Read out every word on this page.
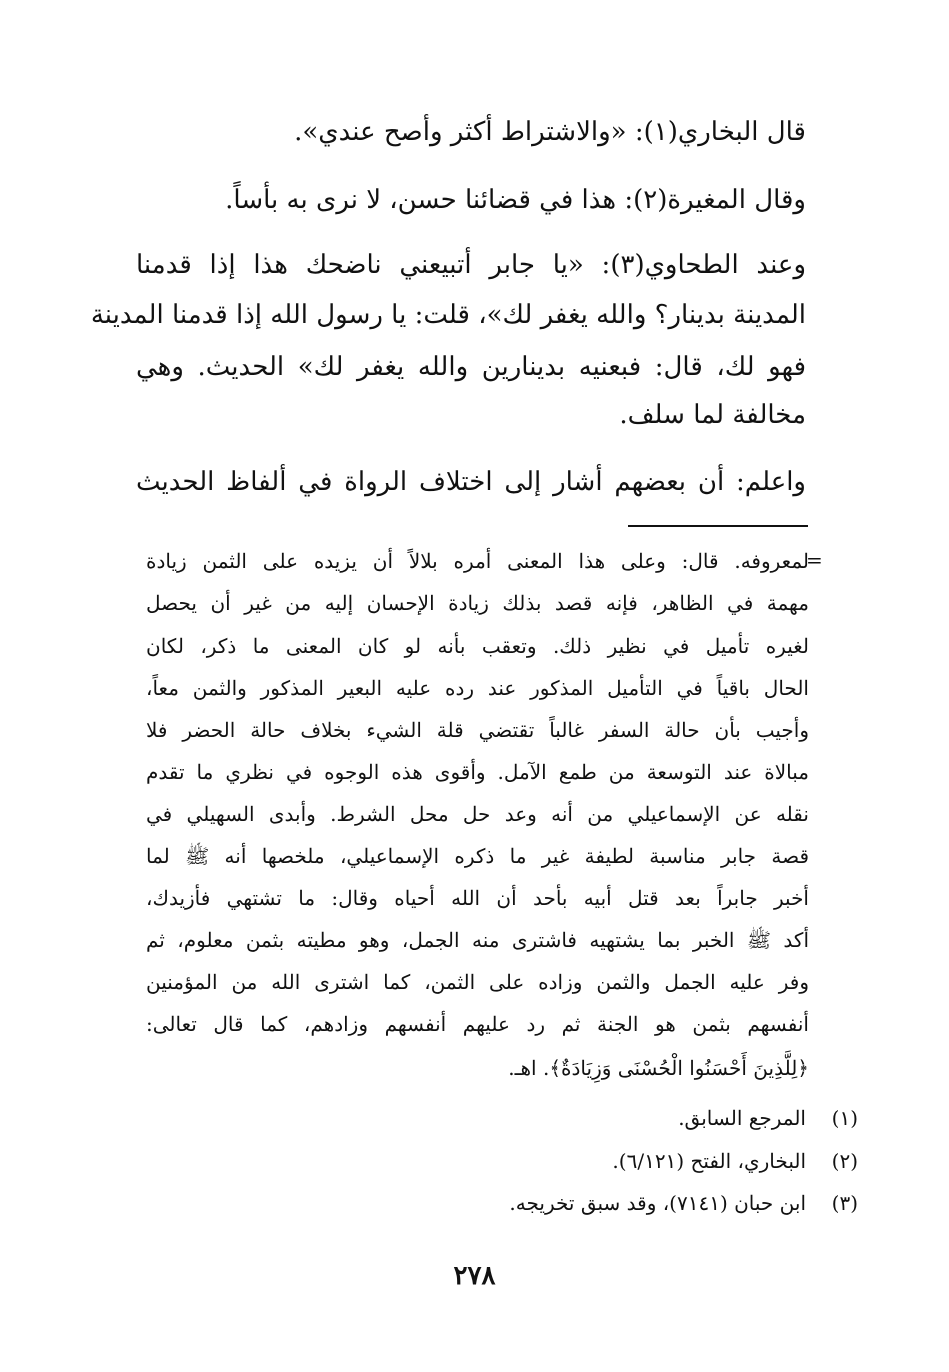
قال البخاري(١): «والاشتراط أكثر وأصح عندي».
وقال المغيرة(٢): هذا في قضائنا حسن، لا نرى به بأساً.
وعند الطحاوي(٣): «يا جابر أتبيعني ناضحك هذا إذا قدمنا
المدينة بدينار؟ والله يغفر لك»، قلت: يا رسول الله إذا قدمنا المدينة
فهو لك، قال: فبعنيه بدينارين والله يغفر لك» الحديث. وهي
مخالفة لما سلف.
واعلم: أن بعضهم أشار إلى اختلاف الرواة في ألفاظ الحديث
=
لمعروفه. قال: وعلى هذا المعنى أمره بلالاً أن يزيده على الثمن زيادة
مهمة في الظاهر، فإنه قصد بذلك زيادة الإحسان إليه من غير أن يحصل
لغيره تأميل في نظير ذلك. وتعقب بأنه لو كان المعنى ما ذكر، لكان
الحال باقياً في التأميل المذكور عند رده عليه البعير المذكور والثمن معاً،
وأجيب بأن حالة السفر غالباً تقتضي قلة الشيء بخلاف حالة الحضر فلا
مبالاة عند التوسعة من طمع الآمل. وأقوى هذه الوجوه في نظري ما تقدم
نقله عن الإسماعيلي من أنه وعد حل محل الشرط. وأبدى السهيلي في
قصة جابر مناسبة لطيفة غير ما ذكره الإسماعيلي، ملخصها أنه ﷺ لما
أخبر جابراً بعد قتل أبيه بأحد أن الله أحياه وقال: ما تشتهي فأزيدك،
أكد ﷺ الخبر بما يشتهيه فاشترى منه الجمل، وهو مطيته بثمن معلوم، ثم
وفر عليه الجمل والثمن وزاده على الثمن، كما اشترى الله من المؤمنين
أنفسهم بثمن هو الجنة ثم رد عليهم أنفسهم وزادهم، كما قال تعالى:
﴿لِلَّذِينَ أَحْسَنُوا الْحُسْنَى وَزِيَادَةٌ﴾. اهـ.
(١)
المرجع السابق.
(٢)
البخاري، الفتح (٦/١٢١).
(٣)
ابن حبان (٧١٤١)، وقد سبق تخريجه.
٢٧٨
